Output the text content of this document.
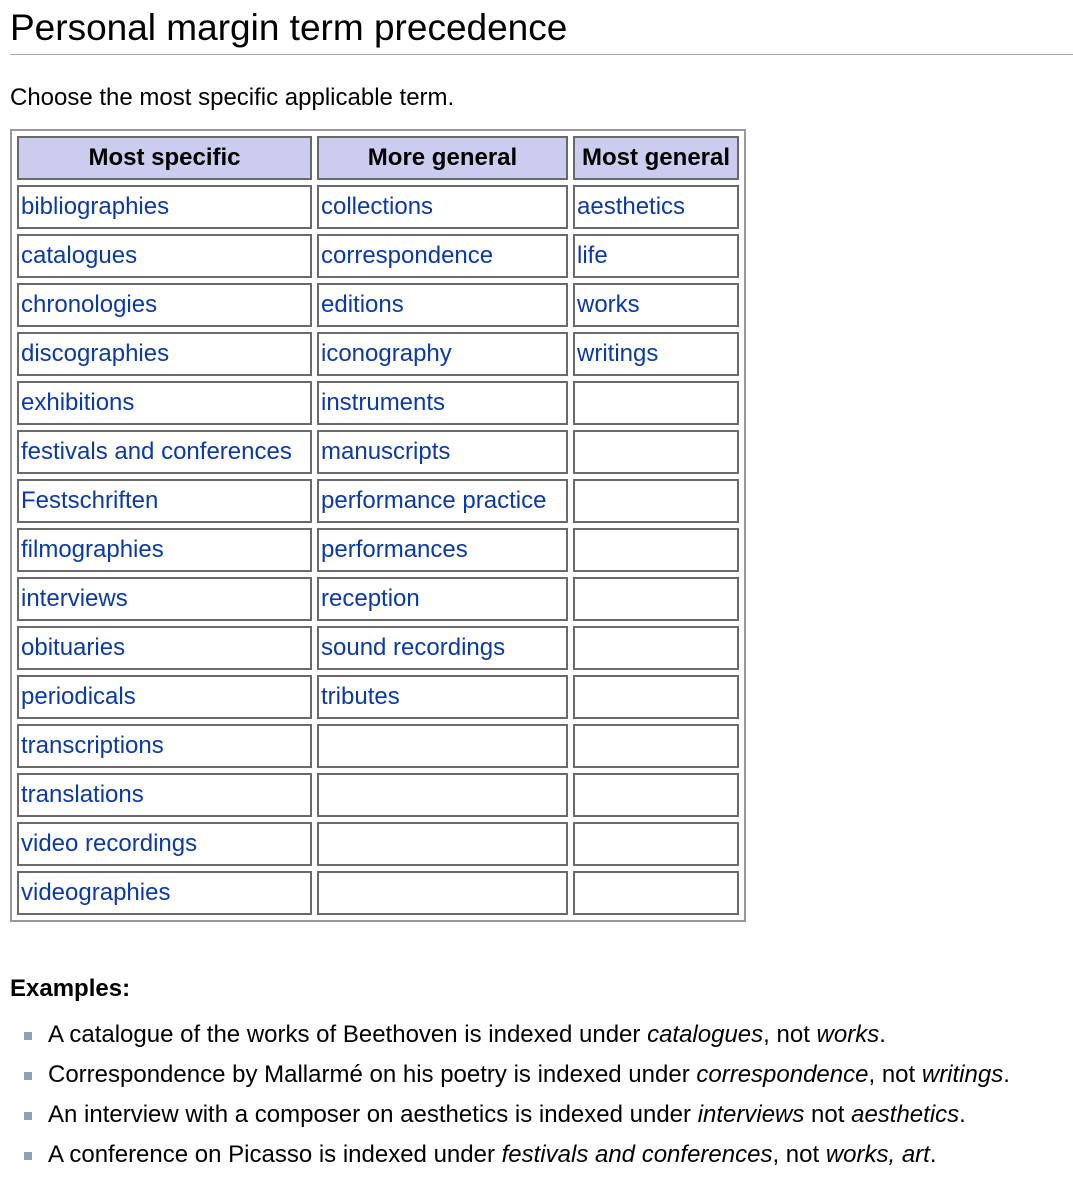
Personal margin term precedence

Choose the most specific applicable term.

Most specific	More general	Most general
bibliographies	collections	aesthetics
catalogues	correspondence	life
chronologies	editions	works
discographies	iconography	writings
exhibitions	instruments	
festivals and conferences	manuscripts	
Festschriften	performance practice	
filmographies	performances	
interviews	reception	
obituaries	sound recordings	
periodicals	tributes	
transcriptions		
translations		
video recordings		
videographies		
Examples:
A catalogue of the works of Beethoven is indexed under catalogues, not works.
Correspondence by Mallarmé on his poetry is indexed under correspondence, not writings.
An interview with a composer on aesthetics is indexed under interviews not aesthetics.
A conference on Picasso is indexed under festivals and conferences, not works, art.
